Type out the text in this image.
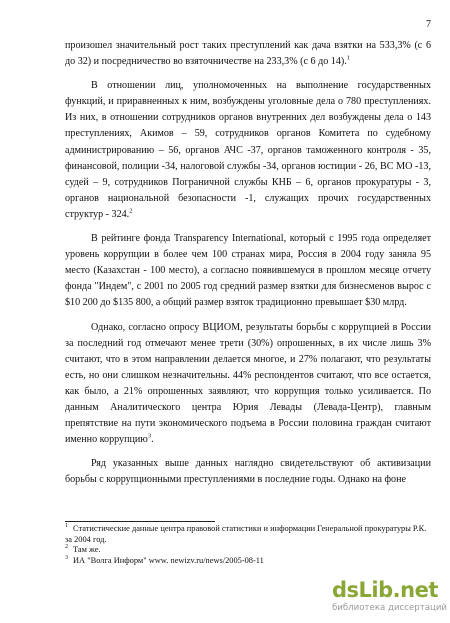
7

произошел значительный рост таких преступлений как дача взятки на 533,3% (с 6 до 32) и посредничество во взяточничестве на 233,3% (с 6 до 14).$^1$

В отношении лиц, уполномоченных на выполнение государственных функций, и приравненных к ним, возбуждены уголовные дела о 780 преступлениях. Из них, в отношении сотрудников органов внутренних дел возбуждены дела о 143 преступлениях, Акимов – 59, сотрудников органов Комитета по судебному администрированию – 56, органов АЧС -37, органов таможенного контроля - 35, финансовой, полиции -34, налоговой службы -34, органов юстиции - 26, ВС МО -13, судей – 9, сотрудников Пограничной службы КНБ – 6, органов прокуратуры - 3, органов национальной безопасности -1, служащих прочих государственных структур - 324.$^2$

В рейтинге фонда Transparency International, который с 1995 года определяет уровень коррупции в более чем 100 странах мира, Россия в 2004 году заняла 95 место (Казахстан - 100 место), а согласно появившемуся в прошлом месяце отчету фонда "Индем", с 2001 по 2005 год средний размер взятки для бизнесменов вырос с $10 200 до $135 800, а общий размер взяток традиционно превышает $30 млрд.

Однако, согласно опросу ВЦИОМ, результаты борьбы с коррупцией в России за последний год отмечают менее трети (30%) опрошенных, в их числе лишь 3% считают, что в этом направлении делается многое, и 27% полагают, что результаты есть, но они слишком незначительны. 44% респондентов считают, что все остается, как было, а 21% опрошенных заявляют, что коррупция только усиливается. По данным Аналитического центра Юрия Левады (Левада-Центр), главным препятствие на пути экономического подъема в России половина граждан считают именно коррупцию$^3$.

Ряд указанных выше данных наглядно свидетельствуют об активизации борьбы с коррупционными преступлениями в последние годы. Однако на фоне

$^1$ Статистические данные центра правовой статистики и информации Генеральной прокуратуры Р.К. за 2004 год.

$^2$ Там же.

$^3$ ИА "Волга Информ" www. newizv.ru/news/2005-08-11

dsLib.net
библиотека диссертаций
